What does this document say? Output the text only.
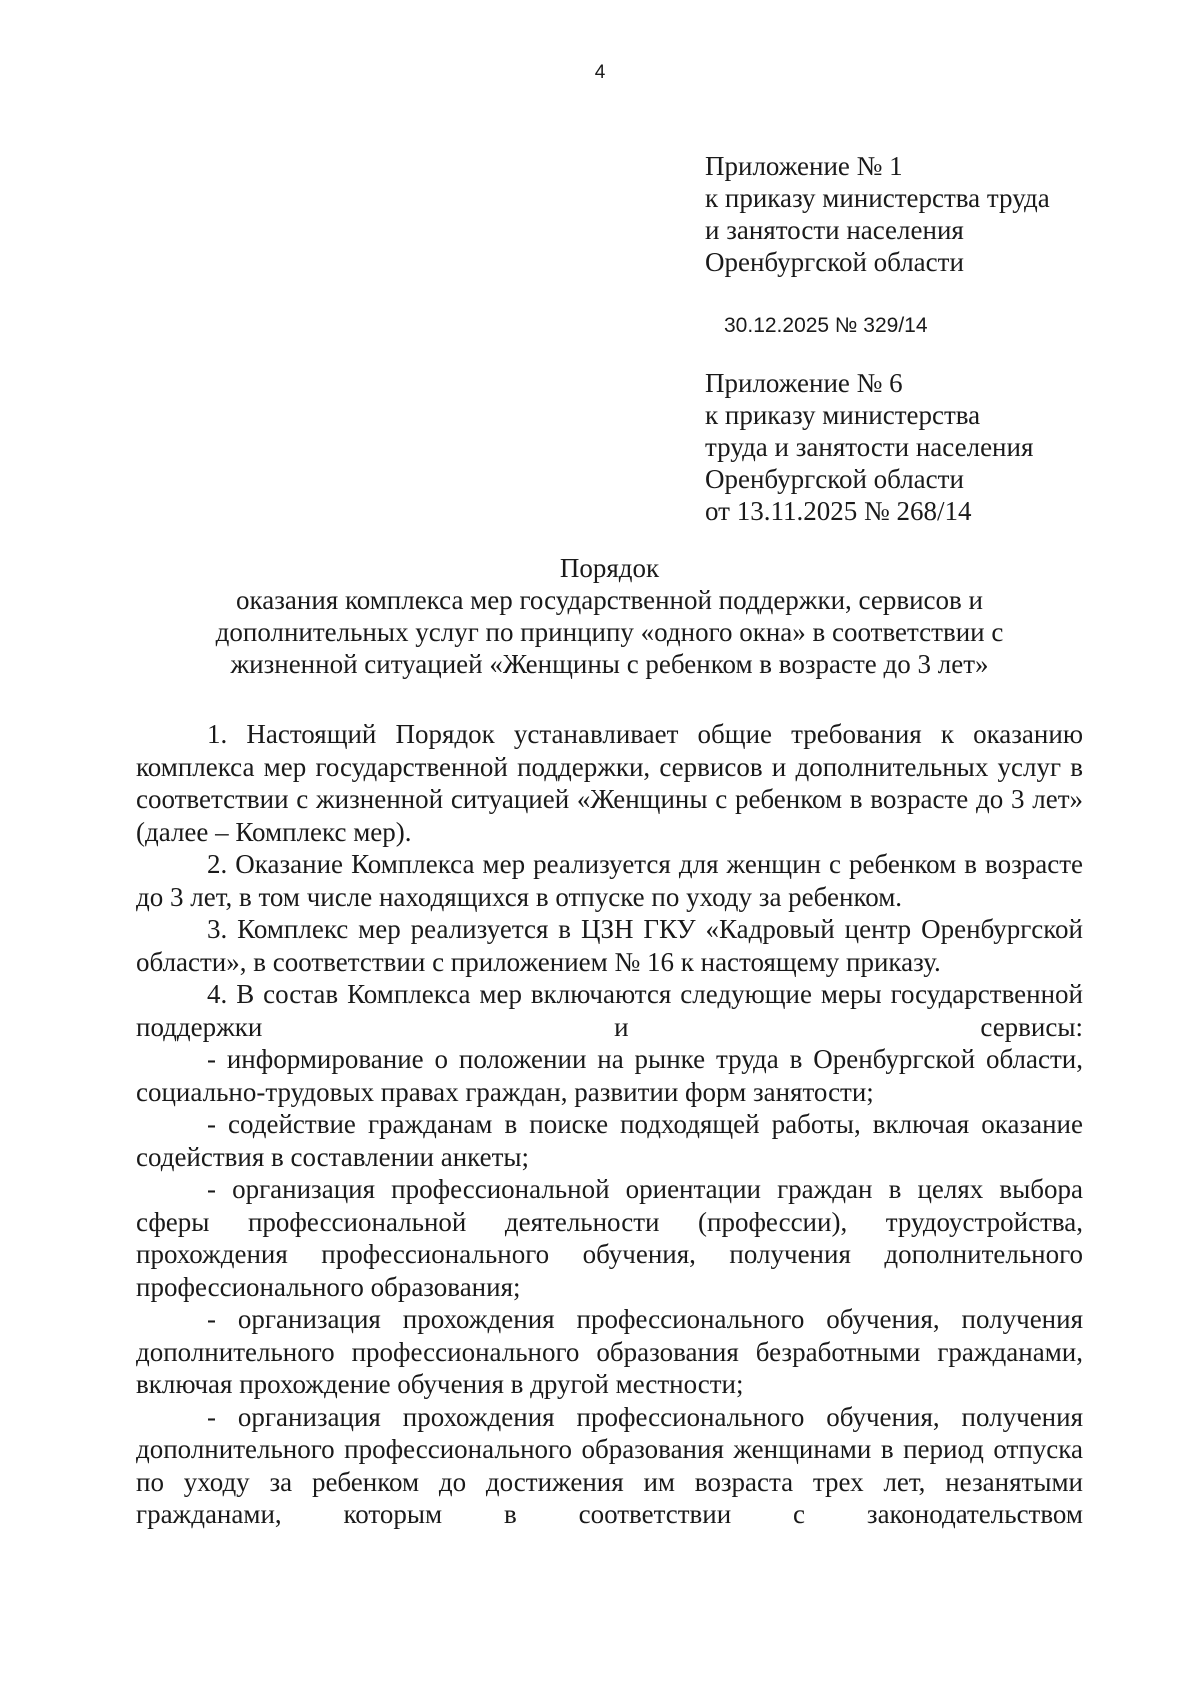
4
Приложение № 1
к приказу министерства труда
и занятости населения
Оренбургской области
30.12.2025 № 329/14
Приложение № 6
к приказу министерства
труда и занятости населения
Оренбургской области
от 13.11.2025 № 268/14
Порядок
оказания комплекса мер государственной поддержки, сервисов и
дополнительных услуг по принципу «одного окна» в соответствии с
жизненной ситуацией «Женщины с ребенком в возрасте до 3 лет»

1. Настоящий Порядок устанавливает общие требования к оказанию комплекса мер государственной поддержки, сервисов и дополнительных услуг в соответствии с жизненной ситуацией «Женщины с ребенком в возрасте до 3 лет» (далее – Комплекс мер).

2. Оказание Комплекса мер реализуется для женщин с ребенком в возрасте до 3 лет, в том числе находящихся в отпуске по уходу за ребенком.

3. Комплекс мер реализуется в ЦЗН ГКУ «Кадровый центр Оренбургской области», в соответствии с приложением № 16 к настоящему приказу.

4. В состав Комплекса мер включаются следующие меры государственной поддержки и сервисы:

- информирование о положении на рынке труда в Оренбургской области, социально-трудовых правах граждан, развитии форм занятости;

- содействие гражданам в поиске подходящей работы, включая оказание содействия в составлении анкеты;

- организация профессиональной ориентации граждан в целях выбора сферы профессиональной деятельности (профессии), трудоустройства, прохождения профессионального обучения, получения дополнительного профессионального образования;

- организация прохождения профессионального обучения, получения дополнительного профессионального образования безработными гражданами, включая прохождение обучения в другой местности;

- организация прохождения профессионального обучения, получения дополнительного профессионального образования женщинами в период отпуска по уходу за ребенком до достижения им возраста трех лет, незанятыми гражданами, которым в соответствии с законодательством
